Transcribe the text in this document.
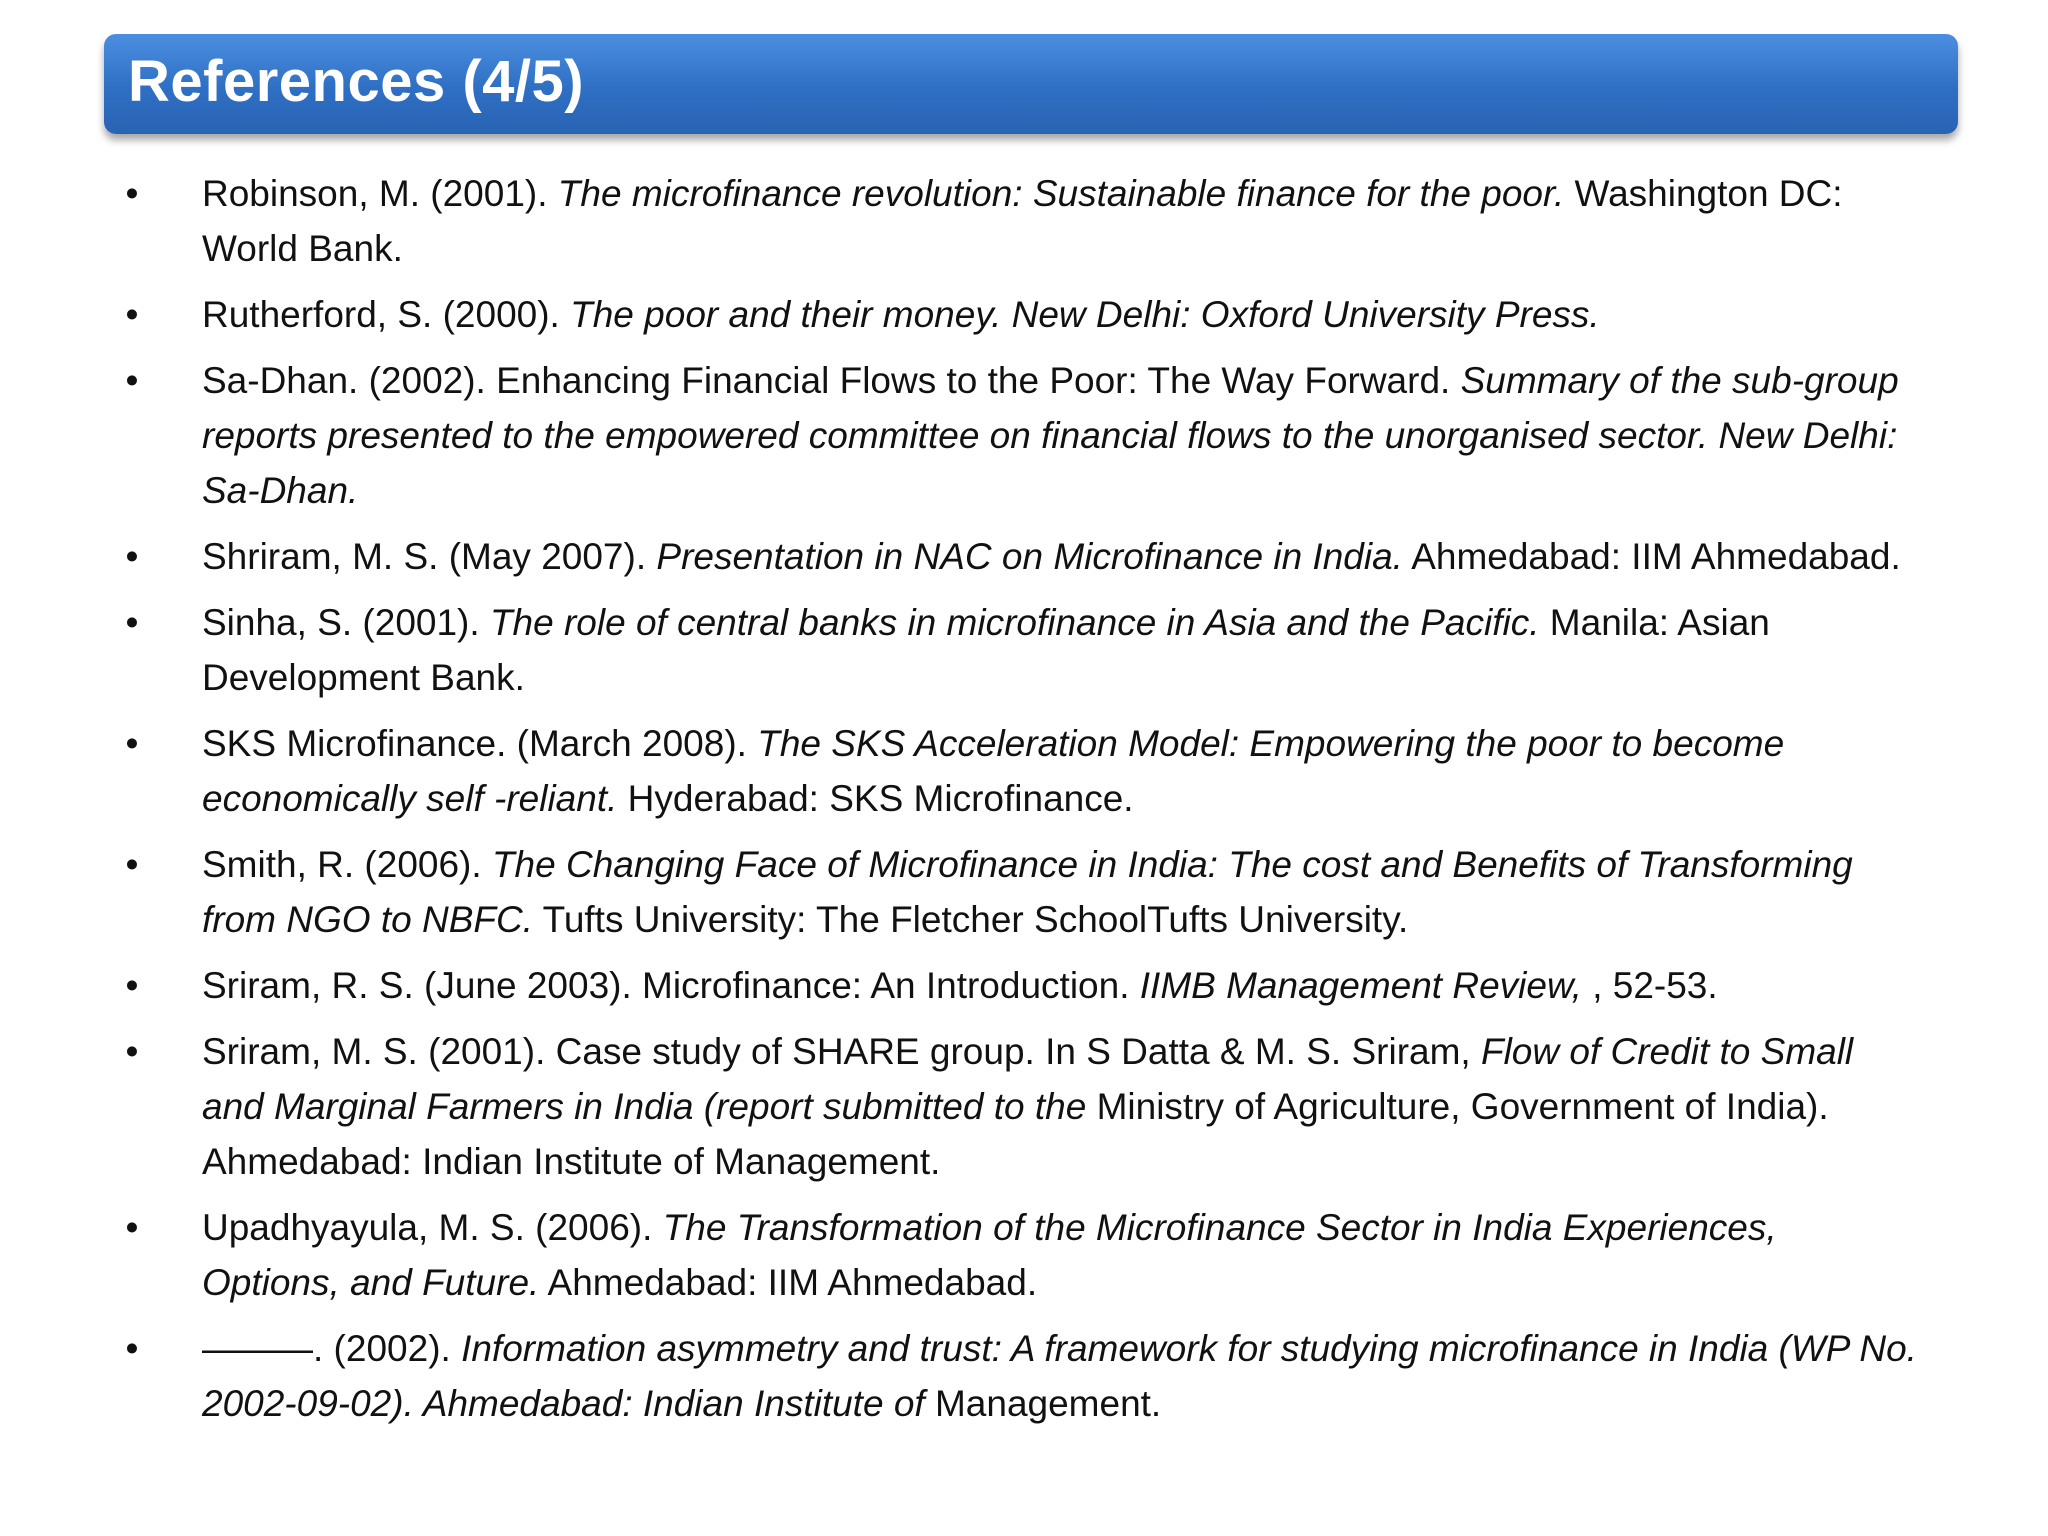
References (4/5)
• Robinson, M. (2001). The microfinance revolution: Sustainable finance for the poor. Washington DC: World Bank.
• Rutherford, S. (2000). The poor and their money. New Delhi: Oxford University Press.
• Sa-Dhan. (2002). Enhancing Financial Flows to the Poor: The Way Forward. Summary of the sub-group reports presented to the empowered committee on financial flows to the unorganised sector. New Delhi: Sa-Dhan.
• Shriram, M. S. (May 2007). Presentation in NAC on Microfinance in India. Ahmedabad: IIM Ahmedabad.
• Sinha, S. (2001). The role of central banks in microfinance in Asia and the Pacific. Manila: Asian Development Bank.
• SKS Microfinance. (March 2008). The SKS Acceleration Model: Empowering the poor to become economically self -reliant. Hyderabad: SKS Microfinance.
• Smith, R. (2006). The Changing Face of Microfinance in India: The cost and Benefits of Transforming from NGO to NBFC. Tufts University: The Fletcher SchoolTufts University.
• Sriram, R. S. (June 2003). Microfinance: An Introduction. IIMB Management Review, , 52-53.
• Sriram, M. S. (2001). Case study of SHARE group. In S Datta & M. S. Sriram, Flow of Credit to Small and Marginal Farmers in India (report submitted to the Ministry of Agriculture, Government of India). Ahmedabad: Indian Institute of Management.
• Upadhyayula, M. S. (2006). The Transformation of the Microfinance Sector in India Experiences, Options, and Future. Ahmedabad: IIM Ahmedabad.
• ———. (2002). Information asymmetry and trust: A framework for studying microfinance in India (WP No. 2002-09-02). Ahmedabad: Indian Institute of Management.
